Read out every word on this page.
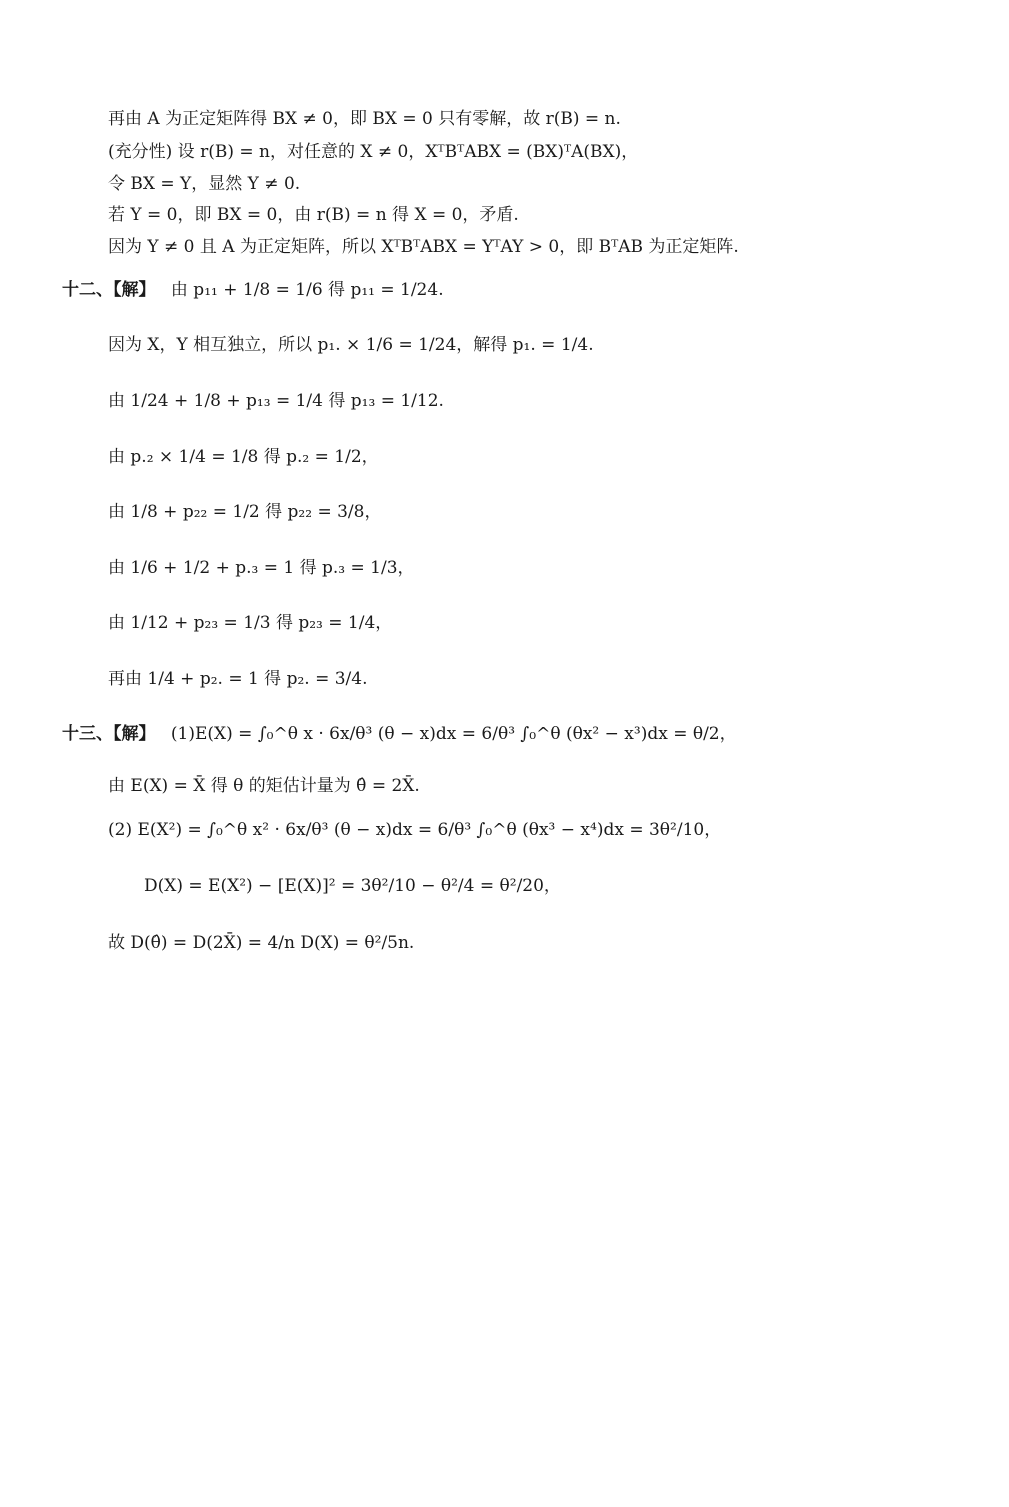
再由 A 为正定矩阵得 BX ≠ 0，即 BX = 0 只有零解，故 r(B) = n.
(充分性) 设 r(B) = n，对任意的 X ≠ 0，XᵀBᵀABX = (BX)ᵀA(BX)，
令 BX = Y，显然 Y ≠ 0.
若 Y = 0，即 BX = 0，由 r(B) = n 得 X = 0，矛盾.
因为 Y ≠ 0 且 A 为正定矩阵，所以 XᵀBᵀABX = YᵀAY > 0，即 BᵀAB 为正定矩阵.
十二、【解】 由 p₁₁ + 1/8 = 1/6 得 p₁₁ = 1/24.
因为 X，Y 相互独立，所以 p₁. × 1/6 = 1/24，解得 p₁. = 1/4.
由 1/24 + 1/8 + p₁₃ = 1/4 得 p₁₃ = 1/12.
由 p.₂ × 1/4 = 1/8 得 p.₂ = 1/2，
由 1/8 + p₂₂ = 1/2 得 p₂₂ = 3/8，
由 1/6 + 1/2 + p.₃ = 1 得 p.₃ = 1/3，
由 1/12 + p₂₃ = 1/3 得 p₂₃ = 1/4，
再由 1/4 + p₂. = 1 得 p₂. = 3/4.
十三、【解】 (1)E(X) = ∫₀^θ x · 6x/θ³ (θ − x)dx = 6/θ³ ∫₀^θ (θx² − x³)dx = θ/2，
由 E(X) = X̄ 得 θ 的矩估计量为 θ̂ = 2X̄.
(2) E(X²) = ∫₀^θ x² · 6x/θ³ (θ − x)dx = 6/θ³ ∫₀^θ (θx³ − x⁴)dx = 3θ²/10，
D(X) = E(X²) − [E(X)]² = 3θ²/10 − θ²/4 = θ²/20，
故 D(θ̂) = D(2X̄) = 4/n D(X) = θ²/5n.
